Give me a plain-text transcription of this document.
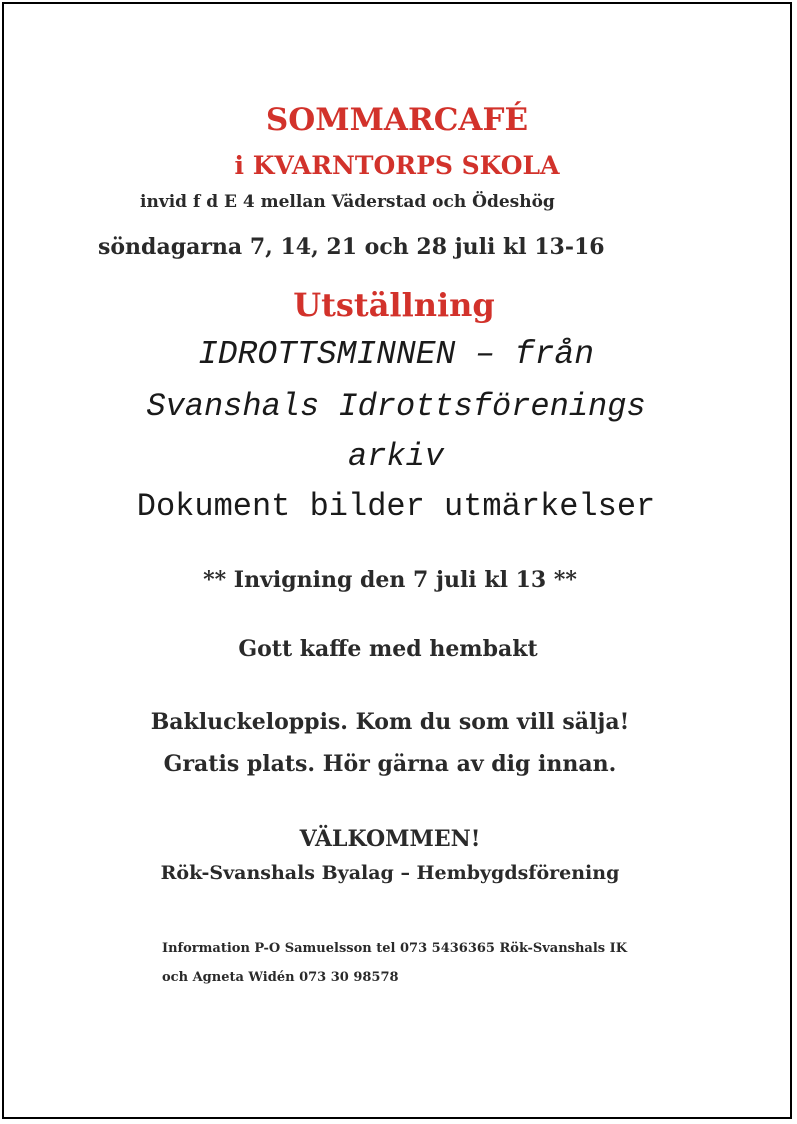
SOMMARCAFÉ
i KVARNTORPS SKOLA
invid f d E 4 mellan Väderstad och Ödeshög
söndagarna 7, 14, 21 och 28 juli kl 13-16
Utställning
IDROTTSMINNEN – från
Svanshals Idrottsförenings
arkiv
Dokument bilder utmärkelser
** Invigning den 7 juli kl 13 **
Gott kaffe med hembakt
Bakluckeloppis. Kom du som vill sälja!
Gratis plats. Hör gärna av dig innan.
VÄLKOMMEN!
Rök-Svanshals Byalag – Hembygdsförening
Information P-O Samuelsson tel 073 5436365 Rök-Svanshals IK
och Agneta Widén 073 30 98578
